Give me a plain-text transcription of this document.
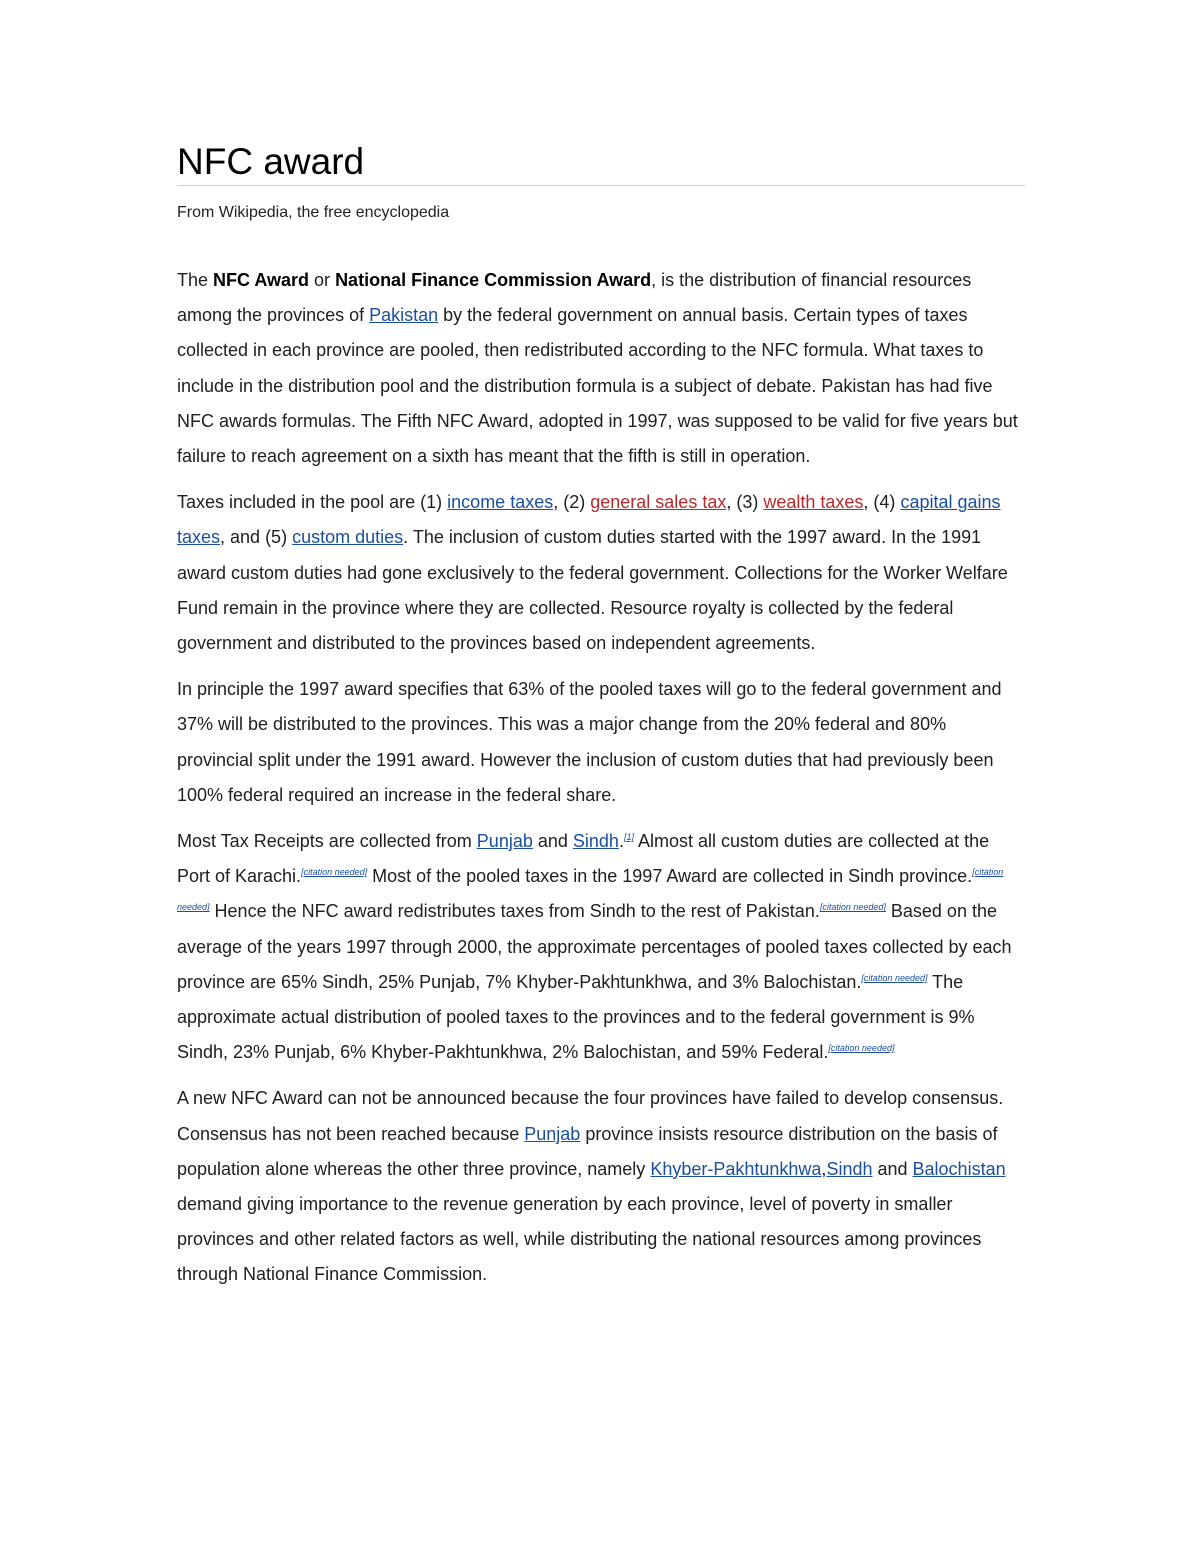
NFC award
From Wikipedia, the free encyclopedia

The NFC Award or National Finance Commission Award, is the distribution of financial resources among the provinces of Pakistan by the federal government on annual basis. Certain types of taxes collected in each province are pooled, then redistributed according to the NFC formula. What taxes to include in the distribution pool and the distribution formula is a subject of debate. Pakistan has had five NFC awards formulas. The Fifth NFC Award, adopted in 1997, was supposed to be valid for five years but failure to reach agreement on a sixth has meant that the fifth is still in operation.

Taxes included in the pool are (1) income taxes, (2) general sales tax, (3) wealth taxes, (4) capital gains taxes, and (5) custom duties. The inclusion of custom duties started with the 1997 award. In the 1991 award custom duties had gone exclusively to the federal government. Collections for the Worker Welfare Fund remain in the province where they are collected. Resource royalty is collected by the federal government and distributed to the provinces based on independent agreements.

In principle the 1997 award specifies that 63% of the pooled taxes will go to the federal government and 37% will be distributed to the provinces. This was a major change from the 20% federal and 80% provincial split under the 1991 award. However the inclusion of custom duties that had previously been 100% federal required an increase in the federal share.

Most Tax Receipts are collected from Punjab and Sindh.[1] Almost all custom duties are collected at the Port of Karachi.[citation needed] Most of the pooled taxes in the 1997 Award are collected in Sindh province.[citation needed] Hence the NFC award redistributes taxes from Sindh to the rest of Pakistan.[citation needed] Based on the average of the years 1997 through 2000, the approximate percentages of pooled taxes collected by each province are 65% Sindh, 25% Punjab, 7% Khyber-Pakhtunkhwa, and 3% Balochistan.[citation needed] The approximate actual distribution of pooled taxes to the provinces and to the federal government is 9% Sindh, 23% Punjab, 6% Khyber-Pakhtunkhwa, 2% Balochistan, and 59% Federal.[citation needed]

A new NFC Award can not be announced because the four provinces have failed to develop consensus. Consensus has not been reached because Punjab province insists resource distribution on the basis of population alone whereas the other three province, namely Khyber-Pakhtunkhwa,Sindh and Balochistan demand giving importance to the revenue generation by each province, level of poverty in smaller provinces and other related factors as well, while distributing the national resources among provinces through National Finance Commission.
